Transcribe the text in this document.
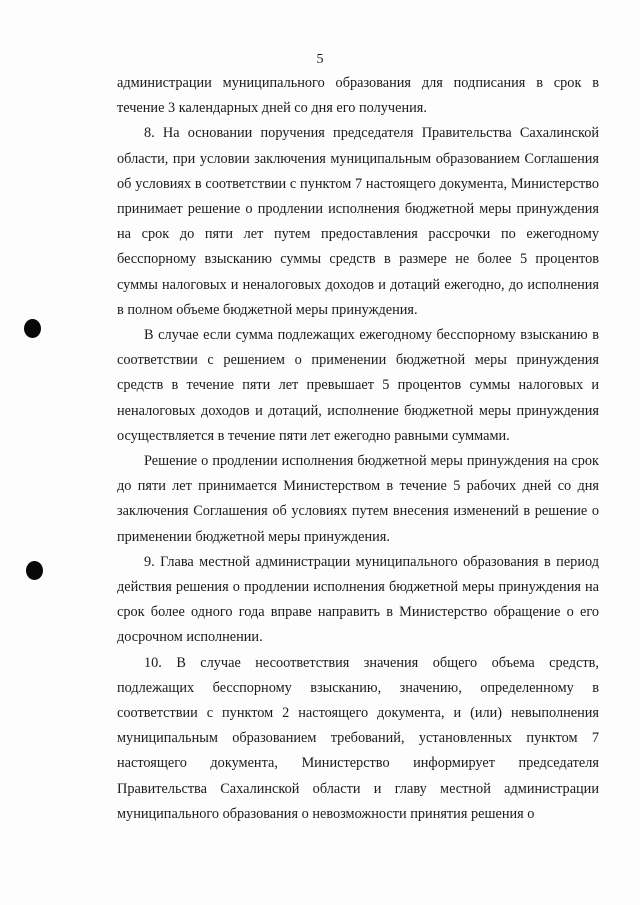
5

администрации муниципального образования для подписания в срок в течение 3 календарных дней со дня его получения.

8. На основании поручения председателя Правительства Сахалинской области, при условии заключения муниципальным образованием Соглашения об условиях в соответствии с пунктом 7 настоящего документа, Министерство принимает решение о продлении исполнения бюджетной меры принуждения на срок до пяти лет путем предоставления рассрочки по ежегодному бесспорному взысканию суммы средств в размере не более 5 процентов суммы налоговых и неналоговых доходов и дотаций ежегодно, до исполнения в полном объеме бюджетной меры принуждения.

В случае если сумма подлежащих ежегодному бесспорному взысканию в соответствии с решением о применении бюджетной меры принуждения средств в течение пяти лет превышает 5 процентов суммы налоговых и неналоговых доходов и дотаций, исполнение бюджетной меры принуждения осуществляется в течение пяти лет ежегодно равными суммами.

Решение о продлении исполнения бюджетной меры принуждения на срок до пяти лет принимается Министерством в течение 5 рабочих дней со дня заключения Соглашения об условиях путем внесения изменений в решение о применении бюджетной меры принуждения.

9. Глава местной администрации муниципального образования в период действия решения о продлении исполнения бюджетной меры принуждения на срок более одного года вправе направить в Министерство обращение о его досрочном исполнении.

10. В случае несоответствия значения общего объема средств, подлежащих бесспорному взысканию, значению, определенному в соответствии с пунктом 2 настоящего документа, и (или) невыполнения муниципальным образованием требований, установленных пунктом 7 настоящего документа, Министерство информирует председателя Правительства Сахалинской области и главу местной администрации муниципального образования о невозможности принятия решения о
